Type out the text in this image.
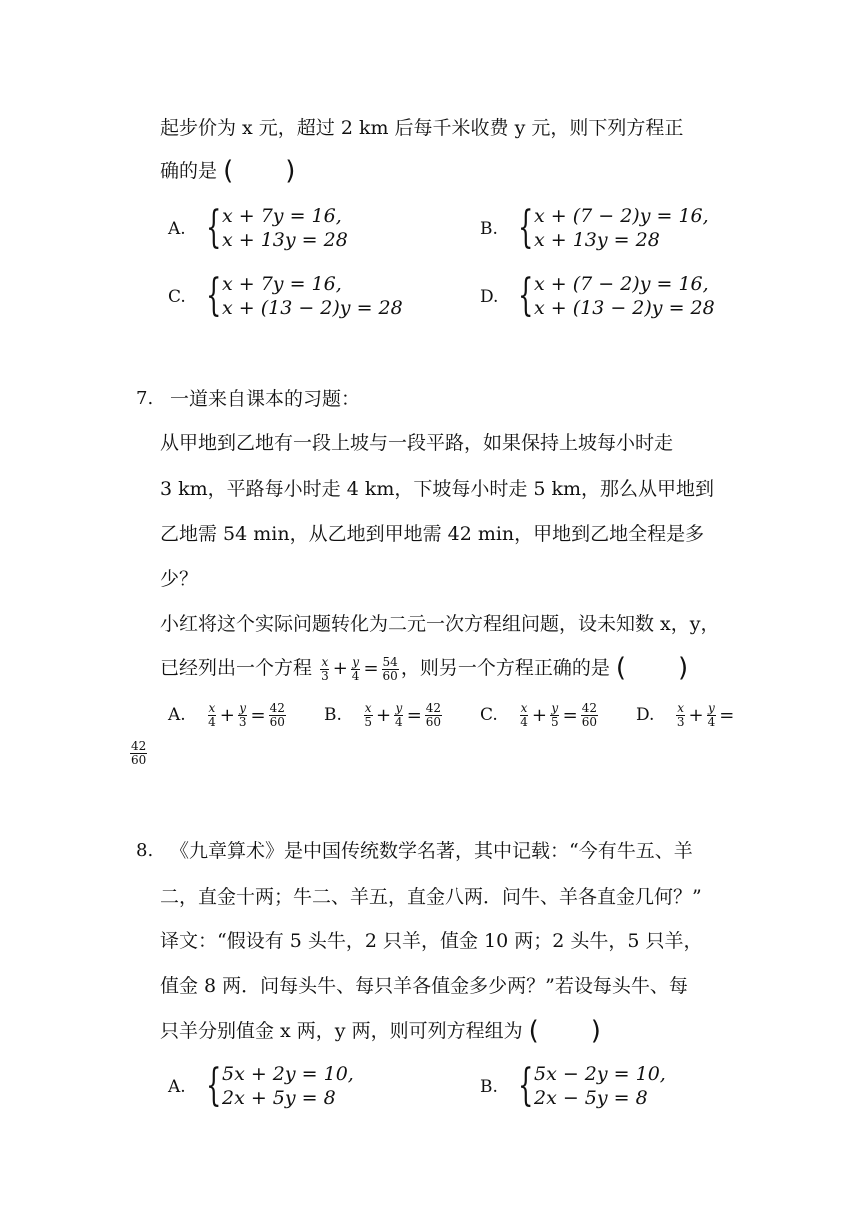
起步价为 x 元，超过 2 km 后每千米收费 y 元，则下列方程正
确的是 (　　)
A. { x + 7y = 16,
x + 13y = 28	B. { x + (7 − 2)y = 16,
x + 13y = 28
C. { x + 7y = 16,
x + (13 − 2)y = 28	D. { x + (7 − 2)y = 16,
x + (13 − 2)y = 28
7. 一道来自课本的习题：
从甲地到乙地有一段上坡与一段平路，如果保持上坡每小时走
3 km，平路每小时走 4 km，下坡每小时走 5 km，那么从甲地到
乙地需 54 min，从乙地到甲地需 42 min，甲地到乙地全程是多
少？
小红将这个实际问题转化为二元一次方程组问题，设未知数 x，y，
已经列出一个方程 $\frac{x}{3} + \frac{y}{4} = \frac{54}{60}$ ，则另一个方程正确的是 (　　)
A. $\frac{x}{4} + \frac{y}{3} = \frac{42}{60} B$. $\frac{x}{5} + \frac{y}{4} = \frac{42}{60} C$. $\frac{x}{4} + \frac{y}{5} = \frac{42}{60} D$. $\frac{x}{3} + \frac{y}{4}$ =
$\frac{42}{60}$
8. 《九章算术》是中国传统数学名著，其中记载：“今有牛五、羊
二，直金十两；牛二、羊五，直金八两．问牛、羊各直金几何？”
译文：“假设有 5 头牛，2 只羊，值金 10 两；2 头牛，5 只羊，
值金 8 两．问每头牛、每只羊各值金多少两？”若设每头牛、每
只羊分别值金 x 两，y 两，则可列方程组为 (　　)
A. { 5x + 2y = 10,
2x + 5y = 8	B. { 5x − 2y = 10,
2x − 5y = 8
